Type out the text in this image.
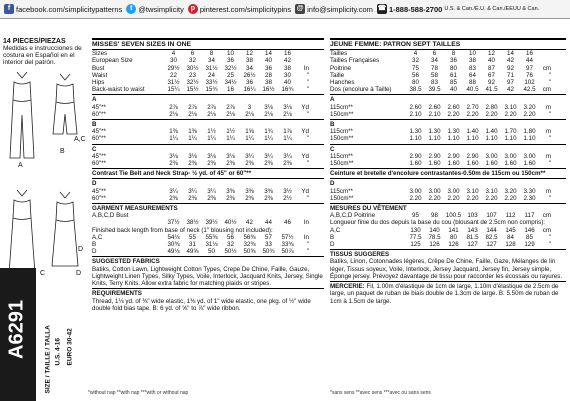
f facebook.com/simplicitypatterns	t @twsimplicity p pinterest.com/simplicitypins @ info@simplicity.com ☎ 1-888-588-2700
U.S. & Can./É.U. & Can./EEUU & Can.
14 PIECES/PIEZAS
Medidas e instrucciones de costura en Español en el interior del patrón.
A
B
A,C
D
C	D
A6291	SIZE / TAILLE / TALLA U.S. 4-16 EURO 30-42
*without nap **with nap ***with or without nap
MISSES' SEVEN SIZES IN ONE
Sizes	4	6	8	10	12	14	16
European Size	30	32	34	36	38	40	42
Bust	29½	30½	31½	32½	34	36	38	In
Waist	22	23	24	25	26½	28	30	"
Hips	31½	32½	33½	34½	36	38	40	"
Back-waist to waist	15¼	15½	15¾	16	16¼	16½	16¾	"
A
45"**	2⅞	2⅞	2⅞	2⅞	3	3⅛	3⅛	Yd
60"**	2⅛	2⅛	2⅛	2⅛	2⅛	2⅛	2⅛	"
B
45"**	1⅜	1⅜	1½	1½	1⅝	1¾	1⅞	Yd
60"**	1¼	1¼	1¼	1¼	1¼	1¼	1¼	"
C
45"**	3⅛	3⅛	3⅛	3⅛	3¼	3¼	3¼	Yd
60"**	2⅜	2⅜	2⅜	2⅜	2⅜	2⅜	2⅜	"
Contrast Tie Belt and Neck Strap- ½ yd. of 45" or 60"**
D
45"**	3¼	3¼	3¼	3⅜	3⅜	3⅜	3½	Yd
60"**	2⅜	2⅜	2⅜	2⅜	2⅜	2⅜	2½	"
GARMENT MEASUREMENTS
A,B,C,D Bust
37½	38½	39½	40½	42	44	46	In
Finished back length from base of neck (1" blousing not included):
A,C	54⅛	55	55⅜	56	56⅜	57	57½	In
B	30⅜	31	31⅛	32	32⅜	33	33⅜	"
D	49⅛	49⅝	50	50½	50⅝	50¾	50⅞	"
SUGGESTED FABRICS
Batiks, Cotton Lawn, Lightweight Cotton Types, Crepe De Chine, Faille, Gauze, Lightweight Linen Types, Silky Types, Voile, Interlock, Jacquard Knits, Jersey, Single Knits, Terry Knits. Allow extra fabric for matching plaids or stripes.
REQUIREMENTS
Thread, 1⅛ yd. of ⅜" wide elastic, 1⅜ yd. of 1" wide elastic, one pkg. of ½" wide double fold bias tape. B: 6 yd. of ⅝" to ⅞" wide ribbon.
JEUNE FEMME: PATRON SEPT TAILLES
Tailles	4	6	8	10	12	14	16
Tailles Françaises	32	34	36	38	40	42	44
Poitrine	75	78	80	83	87	92	97	cm
Taille	56	58	61	64	67	71	76	"
Hanches	80	83	85	88	92	97	102	"
Dos (encolure à Taille)	38.5	39.5	40	40.5	41.5	42	42.5	cm
A
115cm**	2.60	2.60	2.60	2.70	2.80	3.10	3.20	m
150cm**	2.10	2.10	2.20	2.20	2.20	2.20	2.20	"
B
115cm**	1.30	1.30	1.30	1.40	1.40	1.70	1.80	m
150cm**	1.10	1.10	1.10	1.10	1.10	1.10	1.10	"
C
115cm**	2.90	2.90	2.90	2.90	3.00	3.00	3.00	m
150cm**	1.60	1.60	1.60	1.60	1.60	1.60	1.60	"
Ceinture et bretelle d'encolure contrastantes-0.50m de 115cm ou 150cm**
D
115cm**	3.00	3.00	3.00	3.10	3.10	3.20	3.30	m
150cm**	2.20	2.20	2.20	2.20	2.20	2.20	2.30	"
MESURES DU VÊTEMENT
A,B,C,D Poitrine	95	98	100.5 103	107	112	117	cm
Longueur finie du dos depuis la base du cou (blousant de 2.5cm non compris):
A,C	130	140	141	143	144	145	146	cm
B	77.5	78.5	80	81.5	82.5	84	85	"
D	125	126	126	127	127	128	129	"
TISSUS SUGGERES
Batiks, Linon, Cotonnades légères, Crêpe De Chine, Faille, Gaze, Mélanges de lin léger, Tissus soyeux, Voile, Interlock, Jersey Jacquard, Jersey fin, Jersey simple, Éponge jersey. Prévoyez davantage de tissu pour raccorder les écossais ou rayures.
MERCERIE: Fil, 1.00m d'élastique de 1cm de large, 1.10m d'élastique de 2.5cm de large, un paquet de ruban de biais double de 1.3cm de large. B: 5.50m de ruban de 1cm à 1.5cm de large.
*sans sens **avec sens ***avec ou sans sens
